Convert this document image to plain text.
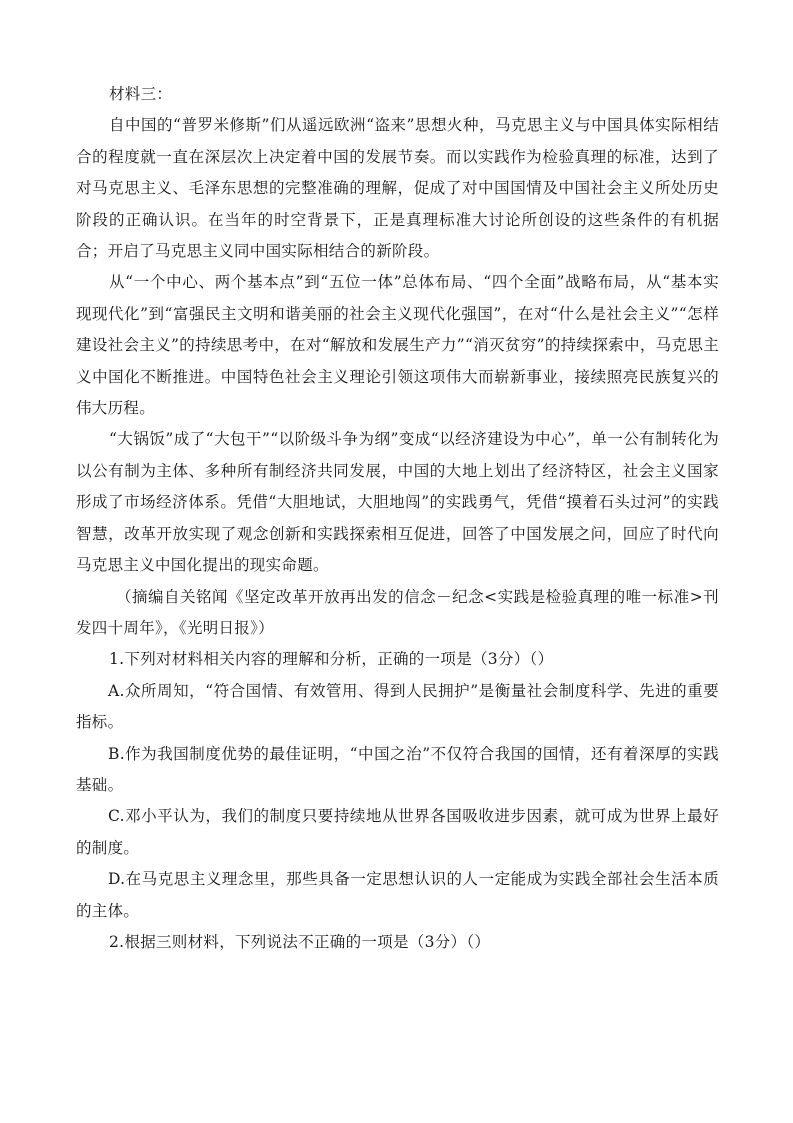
材料三：

自中国的“普罗米修斯”们从遥远欧洲“盗来”思想火种，马克思主义与中国具体实际相结合的程度就一直在深层次上决定着中国的发展节奏。而以实践作为检验真理的标准，达到了对马克思主义、毛泽东思想的完整准确的理解，促成了对中国国情及中国社会主义所处历史阶段的正确认识。在当年的时空背景下，正是真理标准大讨论所创设的这些条件的有机据合；开启了马克思主义同中国实际相结合的新阶段。

从“一个中心、两个基本点”到“五位一体”总体布局、“四个全面”战略布局，从“基本实现现代化”到“富强民主文明和谐美丽的社会主义现代化强国”，在对“什么是社会主义”“怎样建设社会主义”的持续思考中，在对“解放和发展生产力”“消灭贫穷”的持续探索中，马克思主义中国化不断推进。中国特色社会主义理论引领这项伟大而崭新事业，接续照亮民族复兴的伟大历程。

“大锅饭”成了“大包干”“以阶级斗争为纲”变成“以经济建设为中心”，单一公有制转化为以公有制为主体、多种所有制经济共同发展，中国的大地上划出了经济特区，社会主义国家形成了市场经济体系。凭借“大胆地试，大胆地闯”的实践勇气，凭借“摸着石头过河”的实践智慧，改革开放实现了观念创新和实践探索相互促进，回答了中国发展之问，回应了时代向马克思主义中国化提出的现实命题。

（摘编自关铭闻《坚定改革开放再出发的信念－纪念<实践是检验真理的唯一标准>刊发四十周年》，《光明日报》）

1.下列对材料相关内容的理解和分析，正确的一项是（3分）（）

A.众所周知，“符合国情、有效管用、得到人民拥护”是衡量社会制度科学、先进的重要指标。

B.作为我国制度优势的最佳证明，“中国之治”不仅符合我国的国情，还有着深厚的实践基础。

C.邓小平认为，我们的制度只要持续地从世界各国吸收进步因素，就可成为世界上最好的制度。

D.在马克思主义理念里，那些具备一定思想认识的人一定能成为实践全部社会生活本质的主体。

2.根据三则材料，下列说法不正确的一项是（3分）（）
